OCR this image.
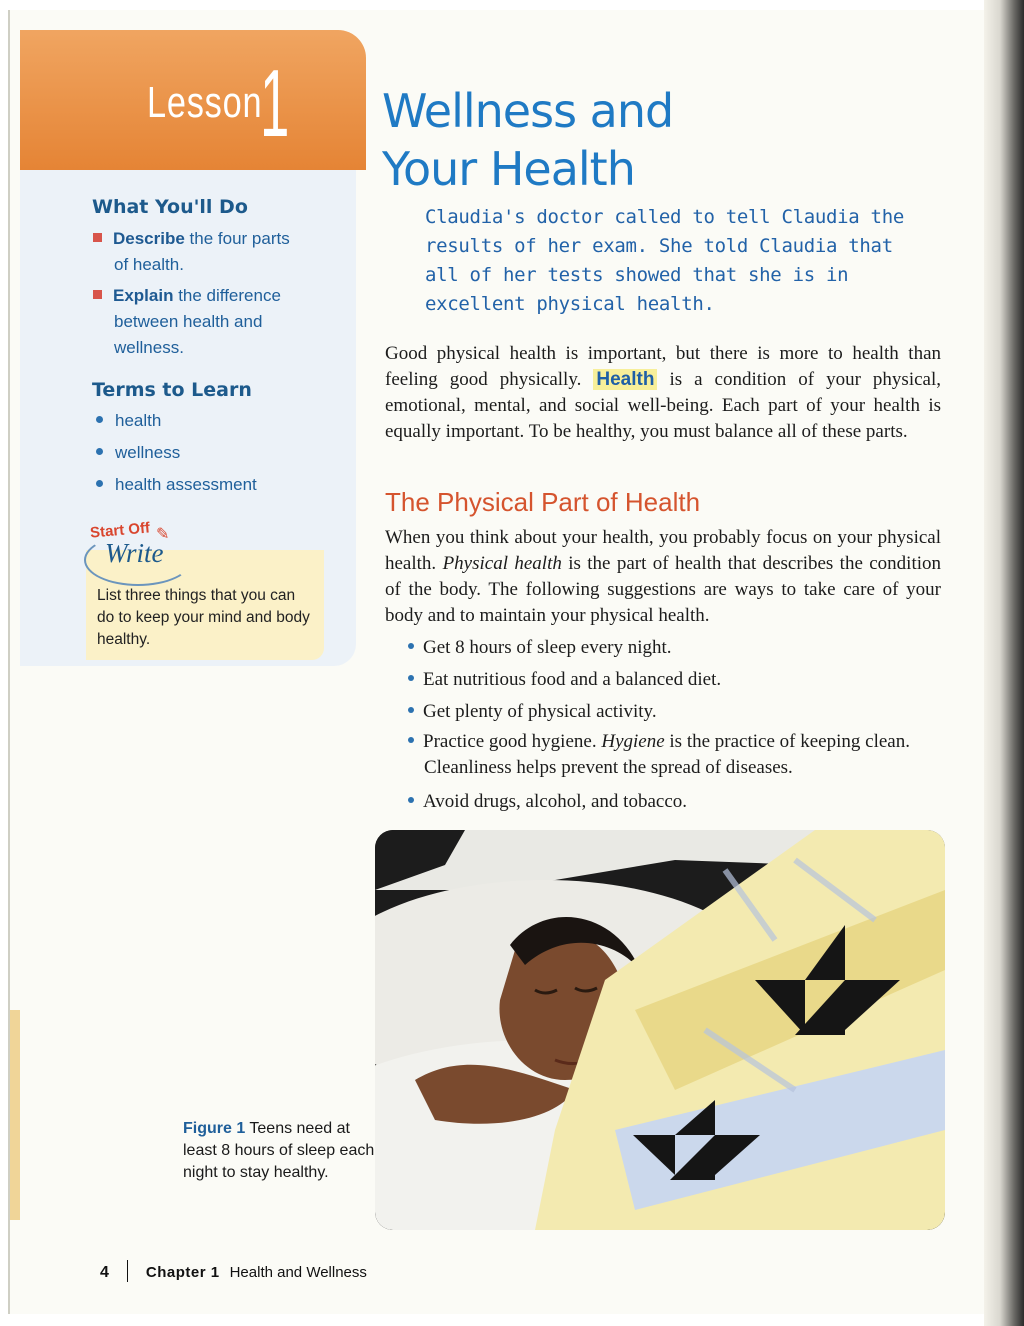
Lesson
1
What You'll Do
Describe the four parts
of health.
Explain the difference
between health and
wellness.
Terms to Learn
health
wellness
health assessment
Start Off ✎
Write
List three things that you can do to keep your mind and body healthy.
Wellness and
Your Health
Claudia's doctor called to tell Claudia the results of her exam. She told Claudia that all of her tests showed that she is in excellent physical health.
Good physical health is important, but there is more to health than feeling good physically. Health is a condition of your physical, emotional, mental, and social well-being. Each part of your health is equally important. To be healthy, you must balance all of these parts.
The Physical Part of Health
When you think about your health, you probably focus on your physical health. Physical health is the part of health that describes the condition of the body. The following suggestions are ways to take care of your body and to maintain your physical health.
Get 8 hours of sleep every night.
Eat nutritious food and a balanced diet.
Get plenty of physical activity.
Practice good hygiene. Hygiene is the practice of keeping clean. Cleanliness helps prevent the spread of diseases.
Avoid drugs, alcohol, and tobacco.
Figure 1 Teens need at least 8 hours of sleep each night to stay healthy.
4 Chapter 1 Health and Wellness
